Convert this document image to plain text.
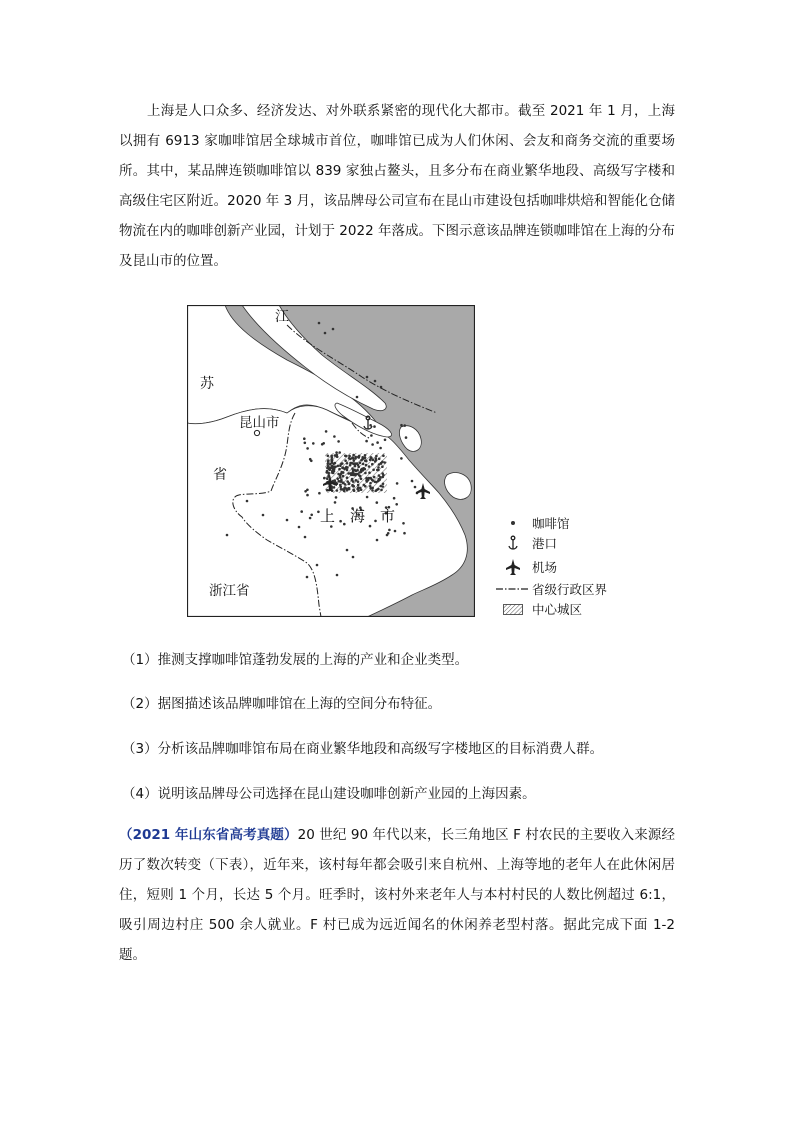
上海是人口众多、经济发达、对外联系紧密的现代化大都市。截至 2021 年 1 月，上海以拥有 6913 家咖啡馆居全球城市首位，咖啡馆已成为人们休闲、会友和商务交流的重要场所。其中，某品牌连锁咖啡馆以 839 家独占鳌头，且多分布在商业繁华地段、高级写字楼和高级住宅区附近。2020 年 3 月，该品牌母公司宣布在昆山市建设包括咖啡烘焙和智能化仓储物流在内的咖啡创新产业园，计划于 2022 年落成。下图示意该品牌连锁咖啡馆在上海的分布及昆山市的位置。

江
苏
省
昆山市
上　海　市
浙江省
咖啡馆
港口
机场
省级行政区界
中心城区
（1）推测支撑咖啡馆蓬勃发展的上海的产业和企业类型。
（2）据图描述该品牌咖啡馆在上海的空间分布特征。
（3）分析该品牌咖啡馆布局在商业繁华地段和高级写字楼地区的目标消费人群。
（4）说明该品牌母公司选择在昆山建设咖啡创新产业园的上海因素。

（2021 年山东省高考真题）20 世纪 90 年代以来，长三角地区 F 村农民的主要收入来源经历了数次转变（下表），近年来，该村每年都会吸引来自杭州、上海等地的老年人在此休闲居住，短则 1 个月，长达 5 个月。旺季时，该村外来老年人与本村村民的人数比例超过 6:1，吸引周边村庄 500 余人就业。F 村已成为远近闻名的休闲养老型村落。据此完成下面 1-2 题。
